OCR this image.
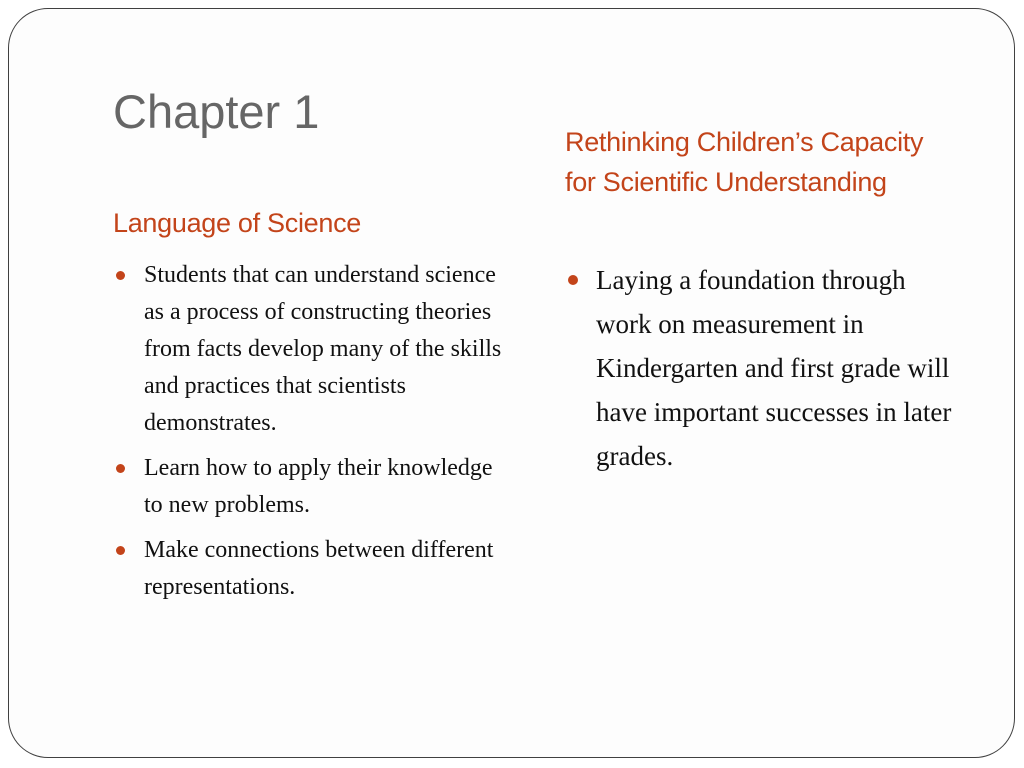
Chapter 1
Language of Science
Students that can understand science as a process of constructing theories from facts develop many of the skills and practices that scientists demonstrates.
Learn how to apply their knowledge to new problems.
Make connections between different representations.
Rethinking Children’s Capacity for Scientific Understanding
Laying a foundation through work on measurement in Kindergarten and first grade will have important successes in later grades.
